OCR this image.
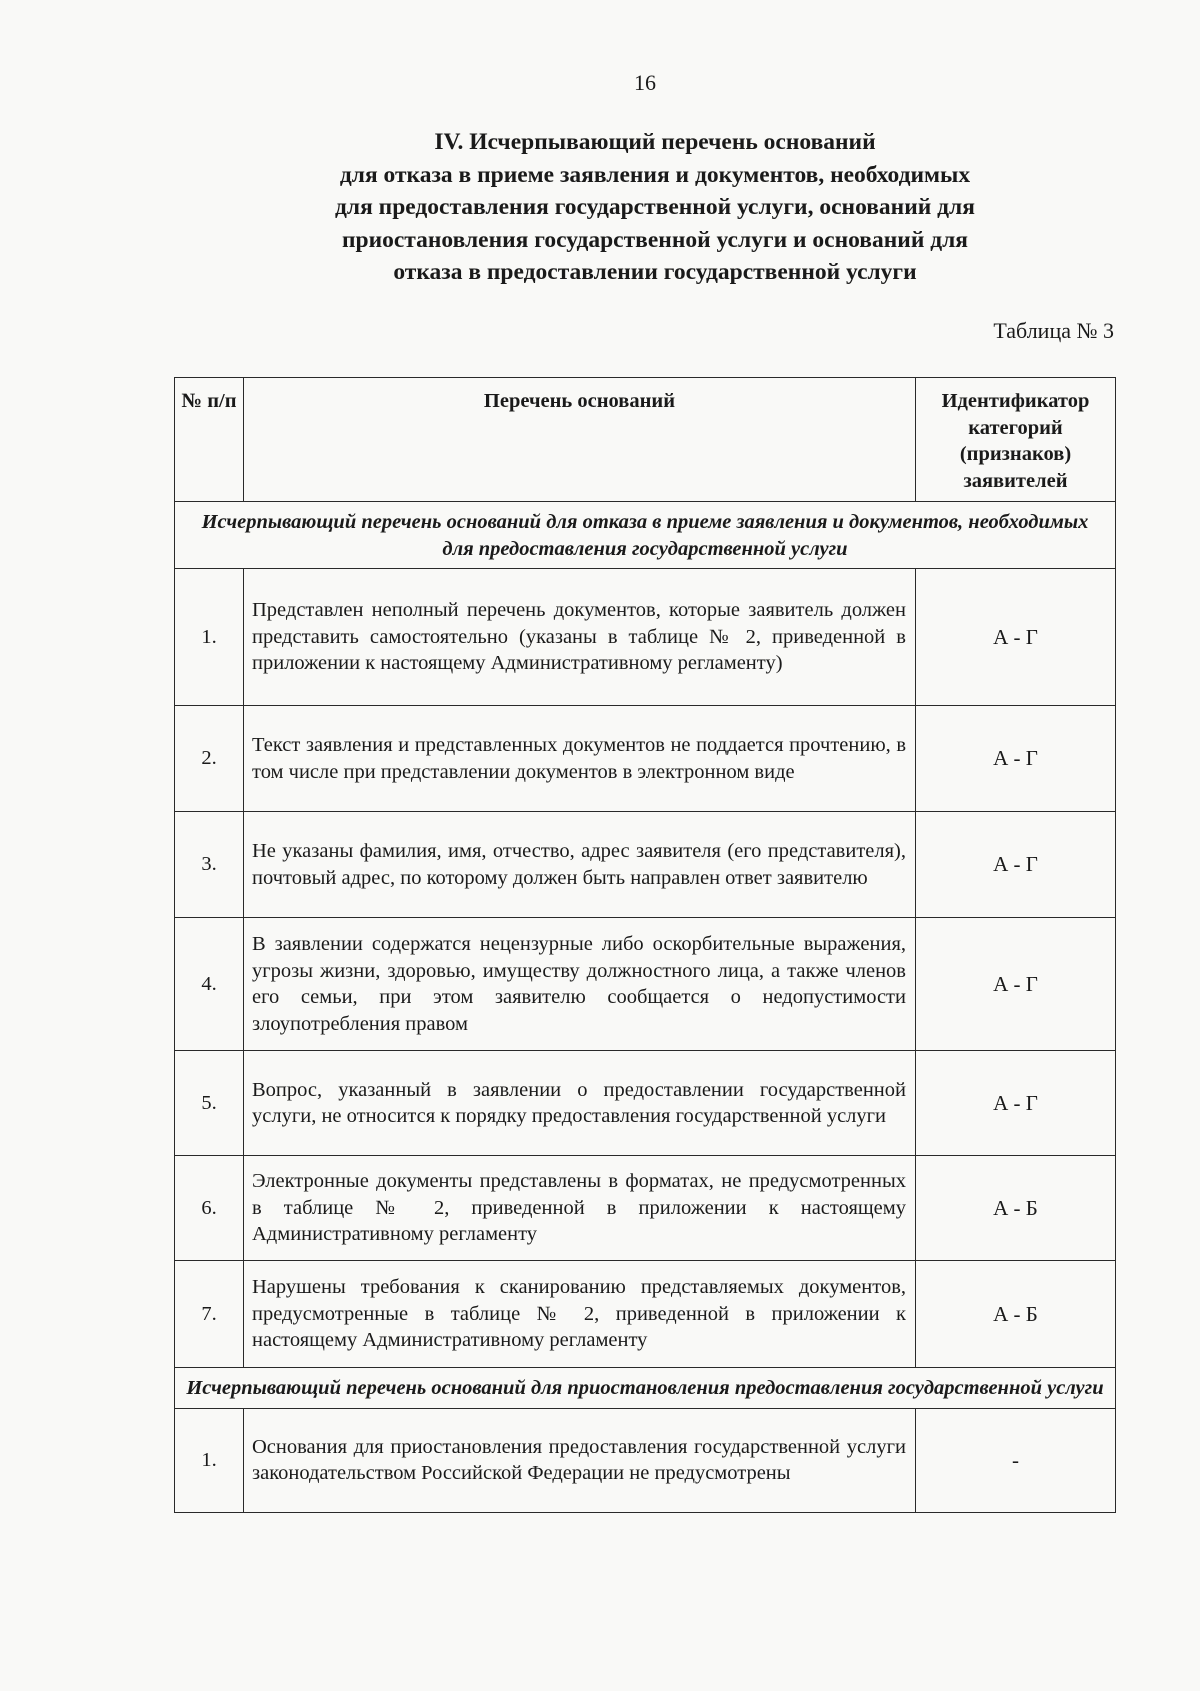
16
IV. Исчерпывающий перечень оснований
для отказа в приеме заявления и документов, необходимых
для предоставления государственной услуги, оснований для
приостановления государственной услуги и оснований для
отказа в предоставлении государственной услуги
Таблица № 3
№ п/п	Перечень оснований	Идентификатор категорий (признаков) заявителей
Исчерпывающий перечень оснований для отказа в приеме заявления и документов, необходимых для предоставления государственной услуги		
1.	Представлен неполный перечень документов, которые заявитель должен представить самостоятельно (указаны в таблице № 2, приведенной в приложении к настоящему Административному регламенту)	А - Г
2.	Текст заявления и представленных документов не поддается прочтению, в том числе при представлении документов в электронном виде	А - Г
3.	Не указаны фамилия, имя, отчество, адрес заявителя (его представителя), почтовый адрес, по которому должен быть направлен ответ заявителю	А - Г
4.	В заявлении содержатся нецензурные либо оскорбительные выражения, угрозы жизни, здоровью, имуществу должностного лица, а также членов его семьи, при этом заявителю сообщается о недопустимости злоупотребления правом	А - Г
5.	Вопрос, указанный в заявлении о предоставлении государственной услуги, не относится к порядку предоставления государственной услуги	А - Г
6.	Электронные документы представлены в форматах, не предусмотренных в таблице № 2, приведенной в приложении к настоящему Административному регламенту	А - Б
7.	Нарушены требования к сканированию представляемых документов, предусмотренные в таблице № 2, приведенной в приложении к настоящему Административному регламенту	А - Б
Исчерпывающий перечень оснований для приостановления предоставления государственной услуги		
1.	Основания для приостановления предоставления государственной услуги законодательством Российской Федерации не предусмотрены	-
